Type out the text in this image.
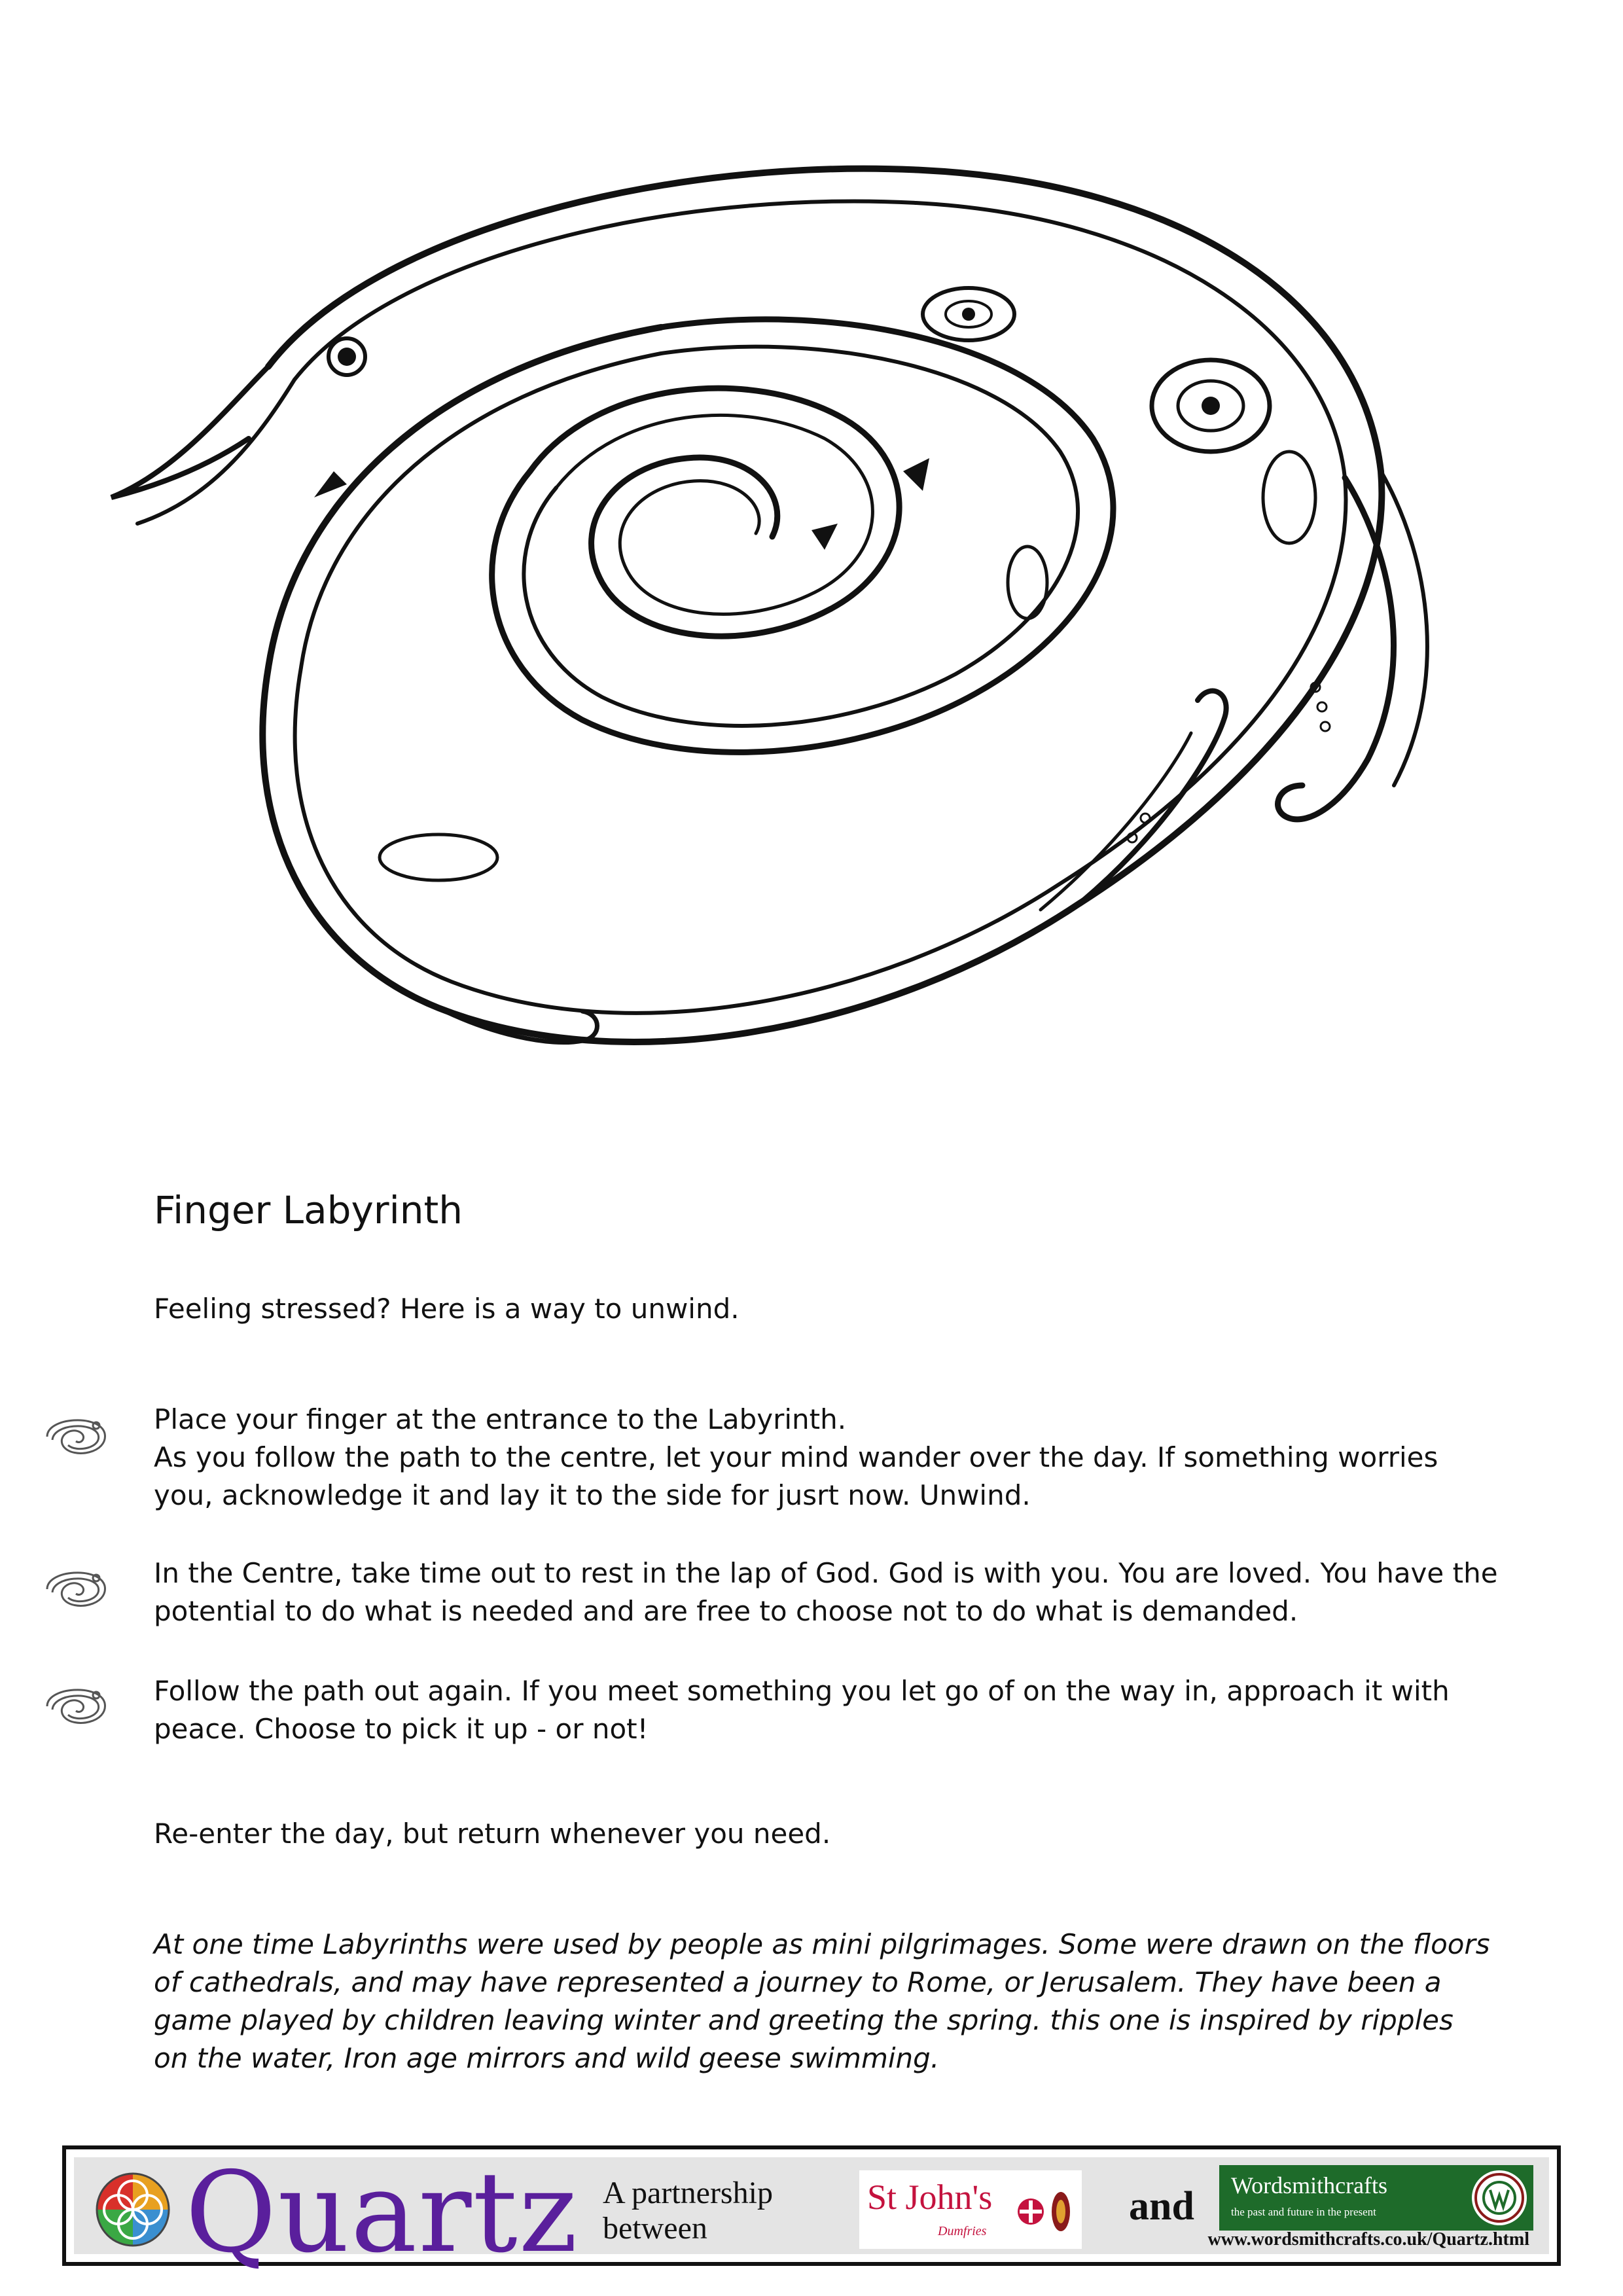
Finger Labyrinth
Feeling stressed? Here is a way to unwind.

Place your finger at the entrance to the Labyrinth.

As you follow the path to the centre, let your mind wander over the day. If something worries you, acknowledge it and lay it to the side for jusrt now. Unwind.

In the Centre, take time out to rest in the lap of God. God is with you. You are loved. You have the potential to do what is needed and are free to choose not to do what is demanded.

Follow the path out again. If you meet something you let go of on the way in, approach it with peace. Choose to pick it up - or not!

Re-enter the day, but return whenever you need.

At one time Labyrinths were used by people as mini pilgrimages. Some were drawn on the floors of cathedrals, and may have represented a journey to Rome, or Jerusalem. They have been a game played by children leaving winter and greeting the spring. this one is inspired by ripples on the water, Iron age mirrors and wild geese swimming.

Quartz A partnership
between
St John's
Dumfries
and Wordsmithcrafts
the past and future in the present
www.wordsmithcrafts.co.uk/Quartz.html
